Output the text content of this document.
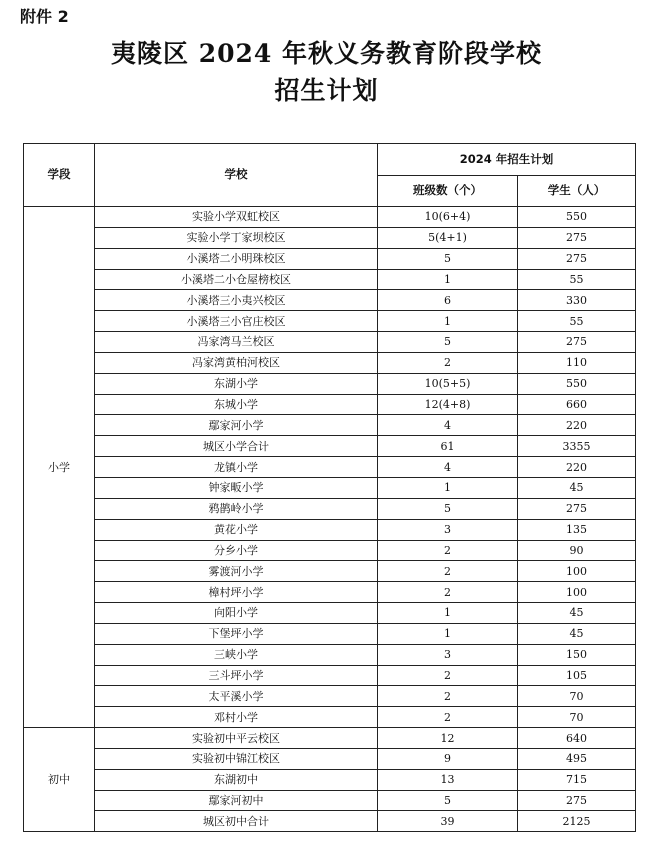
附件 2
夷陵区 2024 年秋义务教育阶段学校
招生计划
学段	学校	2024 年招生计划	
		班级数（个）	学生（人）
小学	实验小学双虹校区	10(6+4)	550
	实验小学丁家坝校区	5(4+1)	275
	小溪塔二小明珠校区	5	275
	小溪塔二小仓屋榜校区	1	55
	小溪塔三小夷兴校区	6	330
	小溪塔三小官庄校区	1	55
	冯家湾马兰校区	5	275
	冯家湾黄柏河校区	2	110
	东湖小学	10(5+5)	550
	东城小学	12(4+8)	660
	鄢家河小学	4	220
	城区小学合计	61	3355
	龙镇小学	4	220
	钟家畈小学	1	45
	鸦鹊岭小学	5	275
	黄花小学	3	135
	分乡小学	2	90
	雾渡河小学	2	100
	樟村坪小学	2	100
	向阳小学	1	45
	下堡坪小学	1	45
	三峡小学	3	150
	三斗坪小学	2	105
	太平溪小学	2	70
	邓村小学	2	70
初中	实验初中平云校区	12	640
	实验初中锦江校区	9	495
	东湖初中	13	715
	鄢家河初中	5	275
	城区初中合计	39	2125
